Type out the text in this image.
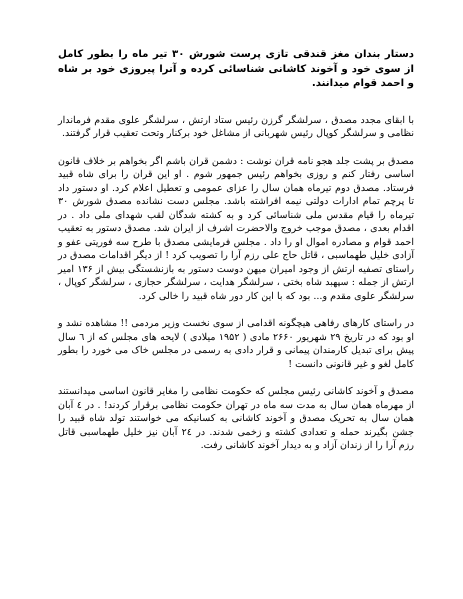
دستار بندان مغز قندقی تازی پرست شورش ۳۰ تیر ماه را بطور کامل از سوی خود و آخوند کاشانی شناسائی کرده و آنرا پیروزی خود بر شاه و احمد قوام میدانند.

با ابقای مجدد مصدق ، سرلشگر گرزن رئیس ستاد ارتش ، سرلشگر علوی مقدم فرماندار نظامی و سرلشگر کوپال رئیس شهربانی از مشاغل خود برکنار وتحت تعقیب قرار گرفتند.

مصدق بر پشت جلد هجو نامه قران نوشت : دشمن قران باشم اگر بخواهم بر خلاف قانون اساسی رفتار کنم و روزی بخواهم رئیس جمهور شوم . او این قران را برای شاه قبید فرستاد. مصدق دوم تیرماه همان سال را عزای عمومی و تعطیل اعلام کرد. او دستور داد تا پرچم تمام ادارات دولتی نیمه افراشته باشد. مجلس دست نشانده مصدق شورش ۳۰ تیرماه را قیام مقدس ملی شناسائی کرد و به کشته شدگان لقب شهدای ملی داد . در اقدام بعدی ، مصدق موجب خروج والاحضرت اشرف از ایران شد. مصدق دستور به تعقیب احمد قوام و مصادره اموال او را داد . مجلس فرمایشی مصدق با طرح سه فوریتی عفو و آزادی خلیل طهماسبی ، قاتل حاج علی رزم آرا را تصویب کرد ! از دیگر اقدامات مصدق در راستای تصفیه ارتش از وجود امیران میهن دوست دستور به بازنشستگی بیش از ۱۳۶ امیر ارتش از جمله : سپهبد شاه بختی ، سرلشگر هدایت ، سرلشگر حجازی ، سرلشگر کوپال ، سرلشگر علوی مقدم و... بود که با این کار دور شاه قبید را خالی کرد.

در راستای کارهای رفاهی هیچگونه اقدامی از سوی نخست وزیر مردمی !! مشاهده نشد و او بود که در تاریخ ۲۹ شهریور ۲۶۶۰ مادی ( ۱۹۵۲ میلادی ) لایحه های مجلس که از ٦ سال پیش برای تبدیل کارمندان پیمانی و قرار دادی به رسمی در مجلس خاک می خورد را بطور کامل لغو و غیر قانونی دانست !

مصدق و آخوند کاشانی رئیس مجلس که حکومت نظامی را مغایر قانون اساسی میدانستند از مهرماه همان سال به مدت سه ماه در تهران حکومت نظامی برقرار کردند! . در ٤ آبان همان سال به تحریک مصدق و آخوند کاشانی به کسانیکه می خواستند تولد شاه قبید را جشن بگیرند حمله و تعدادی کشته و زخمی شدند. در ۲٤ آبان نیز خلیل طهماسبی قاتل رزم آرا را از زندان آزاد و به دیدار آخوند کاشانی رفت.
